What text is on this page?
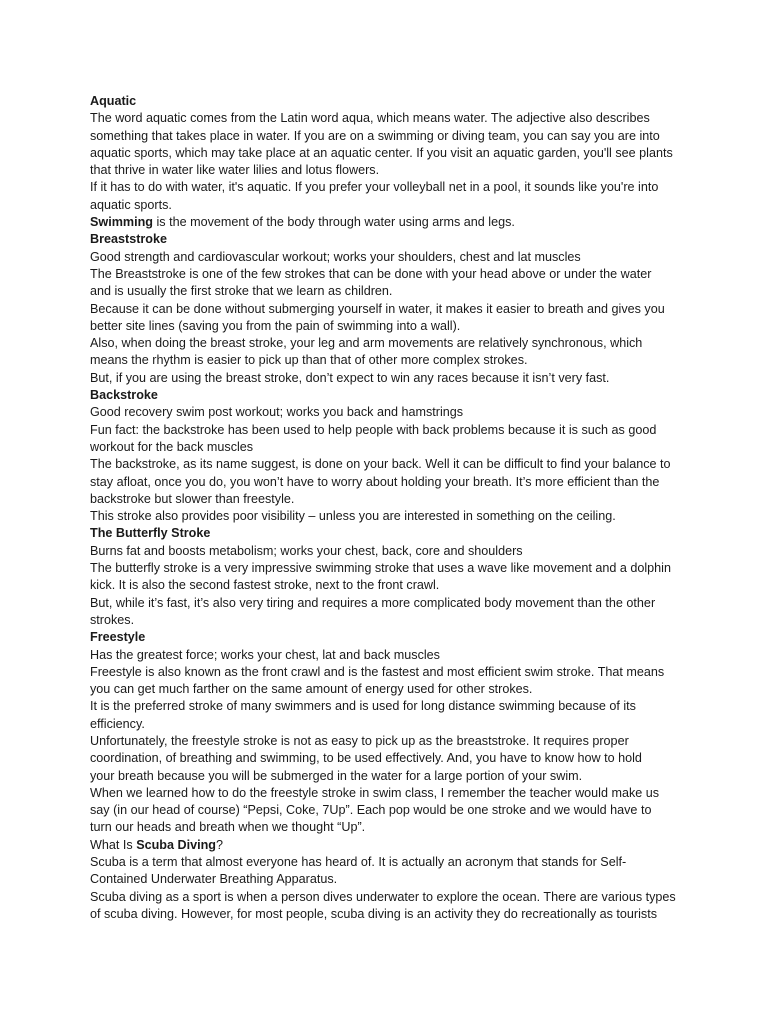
Aquatic

The word aquatic comes from the Latin word aqua, which means water. The adjective also describes

something that takes place in water. If you are on a swimming or diving team, you can say you are into

aquatic sports, which may take place at an aquatic center. If you visit an aquatic garden, you'll see plants

that thrive in water like water lilies and lotus flowers.

If it has to do with water, it's aquatic. If you prefer your volleyball net in a pool, it sounds like you're into

aquatic sports.

Swimming is the movement of the body through water using arms and legs.

Breaststroke

Good strength and cardiovascular workout; works your shoulders, chest and lat muscles

The Breaststroke is one of the few strokes that can be done with your head above or under the water

and is usually the first stroke that we learn as children.

Because it can be done without submerging yourself in water, it makes it easier to breath and gives you

better site lines (saving you from the pain of swimming into a wall).

Also, when doing the breast stroke, your leg and arm movements are relatively synchronous, which

means the rhythm is easier to pick up than that of other more complex strokes.

But, if you are using the breast stroke, don’t expect to win any races because it isn’t very fast.

Backstroke

Good recovery swim post workout; works you back and hamstrings

Fun fact: the backstroke has been used to help people with back problems because it is such as good

workout for the back muscles

The backstroke, as its name suggest, is done on your back. Well it can be difficult to find your balance to

stay afloat, once you do, you won’t have to worry about holding your breath. It’s more efficient than the

backstroke but slower than freestyle.

This stroke also provides poor visibility – unless you are interested in something on the ceiling.

The Butterfly Stroke

Burns fat and boosts metabolism; works your chest, back, core and shoulders

The butterfly stroke is a very impressive swimming stroke that uses a wave like movement and a dolphin

kick. It is also the second fastest stroke, next to the front crawl.

But, while it’s fast, it’s also very tiring and requires a more complicated body movement than the other

strokes.

Freestyle

Has the greatest force; works your chest, lat and back muscles

Freestyle is also known as the front crawl and is the fastest and most efficient swim stroke. That means

you can get much farther on the same amount of energy used for other strokes.

It is the preferred stroke of many swimmers and is used for long distance swimming because of its

efficiency.

Unfortunately, the freestyle stroke is not as easy to pick up as the breaststroke. It requires proper

coordination, of breathing and swimming, to be used effectively. And, you have to know how to hold

your breath because you will be submerged in the water for a large portion of your swim.

When we learned how to do the freestyle stroke in swim class, I remember the teacher would make us

say (in our head of course) “Pepsi, Coke, 7Up”. Each pop would be one stroke and we would have to

turn our heads and breath when we thought “Up”.

What Is Scuba Diving?

Scuba is a term that almost everyone has heard of. It is actually an acronym that stands for Self-

Contained Underwater Breathing Apparatus.

Scuba diving as a sport is when a person dives underwater to explore the ocean. There are various types

of scuba diving. However, for most people, scuba diving is an activity they do recreationally as tourists
